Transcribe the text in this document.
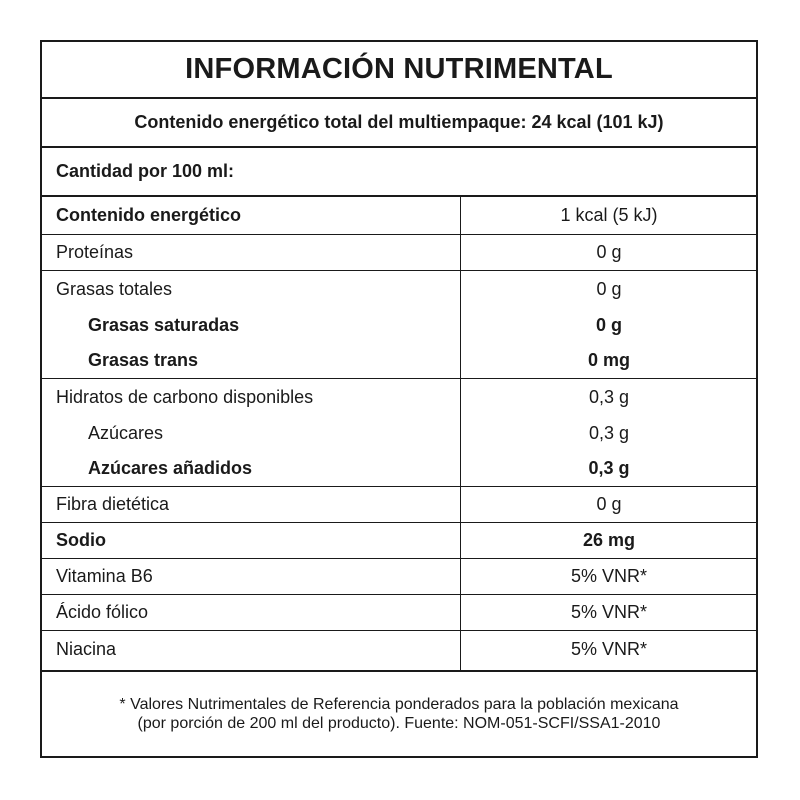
INFORMACIÓN NUTRIMENTAL
Contenido energético total del multiempaque: 24 kcal (101 kJ)
Cantidad por 100 ml:
Contenido energético	1 kcal (5 kJ)
Proteínas	0 g
Grasas totales	0 g
Grasas saturadas	0 g
Grasas trans	0 mg
Hidratos de carbono disponibles	0,3 g
Azúcares	0,3 g
Azúcares añadidos	0,3 g
Fibra dietética	0 g
Sodio	26 mg
Vitamina B6	5% VNR*
Ácido fólico	5% VNR*
Niacina	5% VNR*
* Valores Nutrimentales de Referencia ponderados para la población mexicana
(por porción de 200 ml del producto). Fuente: NOM-051-SCFI/SSA1-2010
